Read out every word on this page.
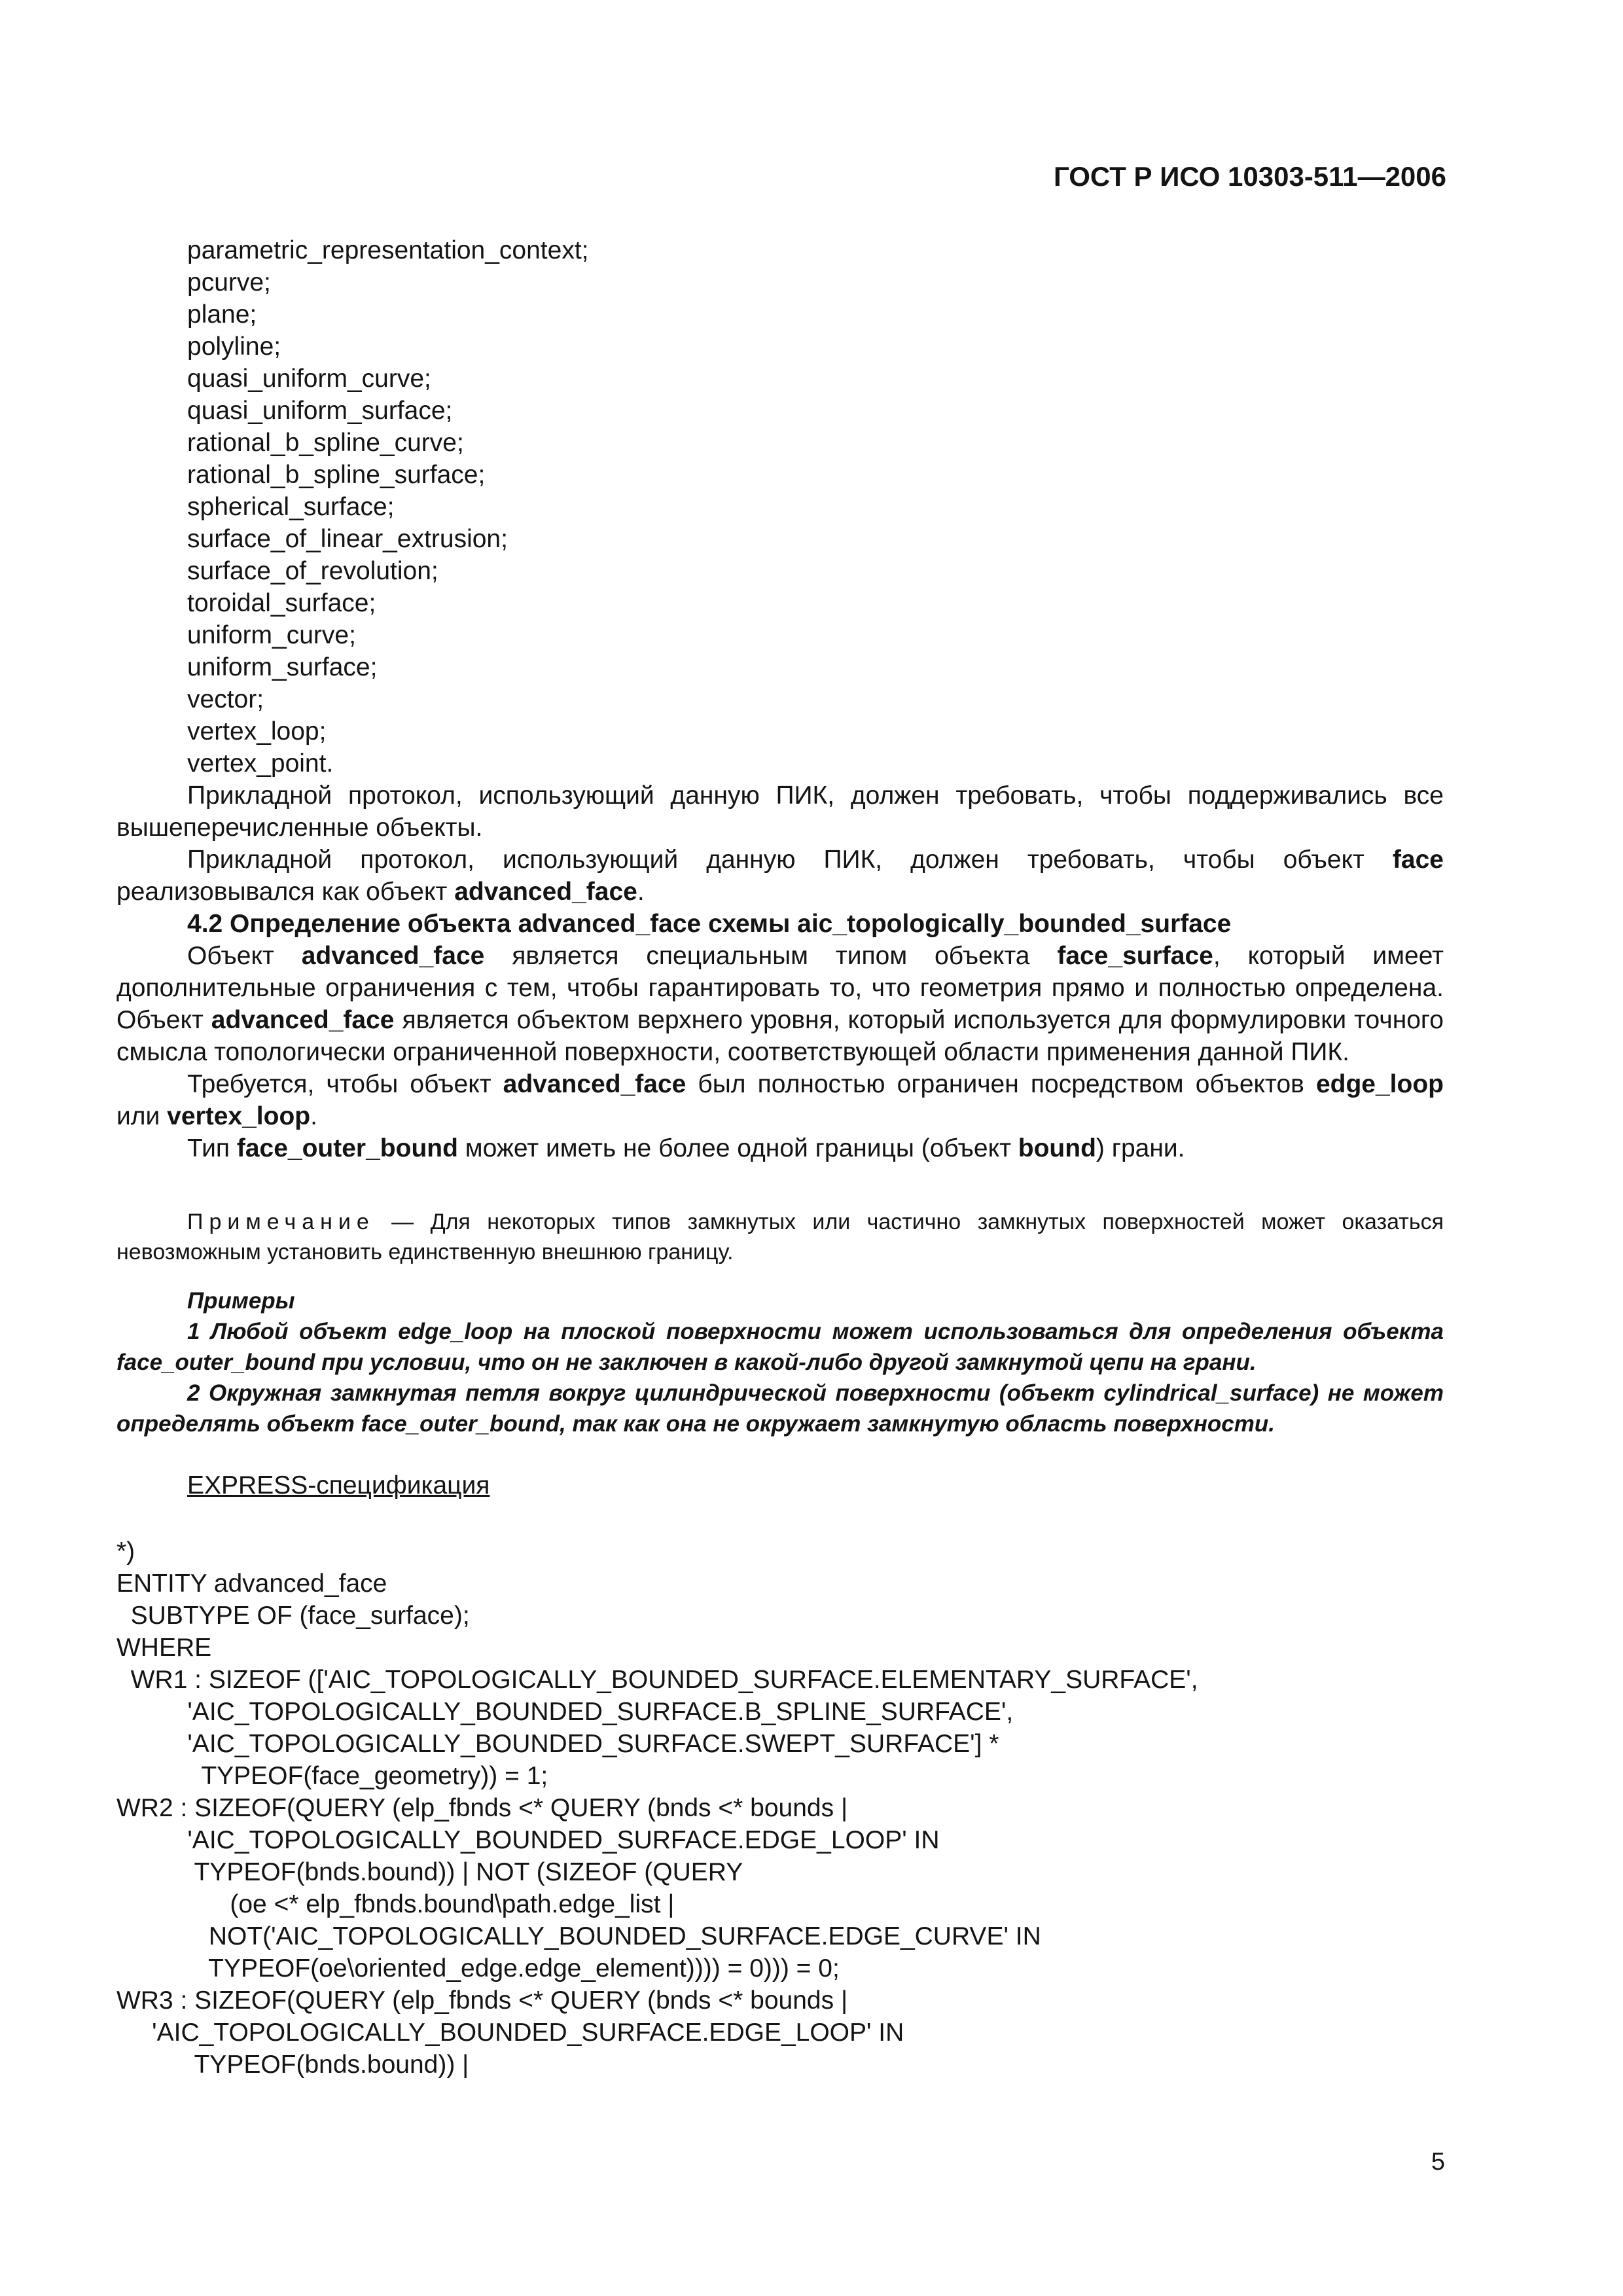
ГОСТ Р ИСО 10303-511—2006
parametric_representation_context;
pcurve;
plane;
polyline;
quasi_uniform_curve;
quasi_uniform_surface;
rational_b_spline_curve;
rational_b_spline_surface;
spherical_surface;
surface_of_linear_extrusion;
surface_of_revolution;
toroidal_surface;
uniform_curve;
uniform_surface;
vector;
vertex_loop;
vertex_point.
Прикладной протокол, использующий данную ПИК, должен требовать, чтобы поддерживались все вышеперечисленные объекты.
Прикладной протокол, использующий данную ПИК, должен требовать, чтобы объект face реализовывался как объект advanced_face.
4.2 Определение объекта advanced_face схемы aic_topologically_bounded_surface
Объект advanced_face является специальным типом объекта face_surface, который имеет дополнительные ограничения с тем, чтобы гарантировать то, что геометрия прямо и полностью определена. Объект advanced_face является объектом верхнего уровня, который используется для формулировки точного смысла топологически ограниченной поверхности, соответствующей области применения данной ПИК.
Требуется, чтобы объект advanced_face был полностью ограничен посредством объектов edge_loop или vertex_loop.
Тип face_outer_bound может иметь не более одной границы (объект bound) грани.
Примечание — Для некоторых типов замкнутых или частично замкнутых поверхностей может оказаться невозможным установить единственную внешнюю границу.
Примеры
1 Любой объект edge_loop на плоской поверхности может использоваться для определения объекта face_outer_bound при условии, что он не заключен в какой-либо другой замкнутой цепи на грани.
2 Окружная замкнутая петля вокруг цилиндрической поверхности (объект cylindrical_surface) не может определять объект face_outer_bound, так как она не окружает замкнутую область поверхности.
EXPRESS-спецификация
*)
ENTITY advanced_face
SUBTYPE OF (face_surface);
WHERE
WR1 : SIZEOF (['AIC_TOPOLOGICALLY_BOUNDED_SURFACE.ELEMENTARY_SURFACE',
'AIC_TOPOLOGICALLY_BOUNDED_SURFACE.B_SPLINE_SURFACE',
'AIC_TOPOLOGICALLY_BOUNDED_SURFACE.SWEPT_SURFACE'] *
TYPEOF(face_geometry)) = 1;
WR2 : SIZEOF(QUERY (elp_fbnds <* QUERY (bnds <* bounds |
'AIC_TOPOLOGICALLY_BOUNDED_SURFACE.EDGE_LOOP' IN
TYPEOF(bnds.bound)) | NOT (SIZEOF (QUERY
(oe <* elp_fbnds.bound\path.edge_list |
NOT('AIC_TOPOLOGICALLY_BOUNDED_SURFACE.EDGE_CURVE' IN
TYPEOF(oe\oriented_edge.edge_element)))) = 0))) = 0;
WR3 : SIZEOF(QUERY (elp_fbnds <* QUERY (bnds <* bounds |
'AIC_TOPOLOGICALLY_BOUNDED_SURFACE.EDGE_LOOP' IN
TYPEOF(bnds.bound)) |
5
